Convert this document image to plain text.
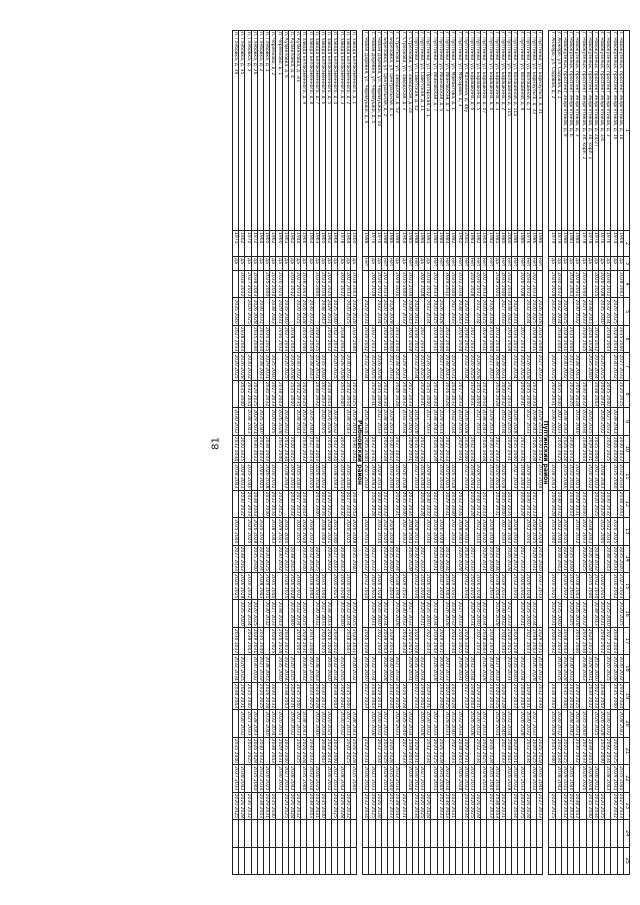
81
1	2	3	4	5	6	7	8	9	10	11	12	13	14	15	16	17	18	19	20	21	22	23	24	25
г. Новокузнецк, проспект Энергетиков, д. 14	1968	да	2038 2043		2035 2040	2027 2033	2020 2025		2030 2032	2032 2034	2038 2043		2035 2040	2027 2033	2020 2025		2030 2032	2032 2034	2038 2043		2035 2040	2027 2033		
г. Новокузнецк, проспект Энергетиков, д. 16	1974	да		2020 2025	2029 2031	2030 2032		2038 2043	2026 2028	2035 2040		2020 2025	2029 2031	2030 2032		2038 2043	2026 2028	2035 2040		2020 2025	2029 2031	2030 2032		
г. Новокузнецк, проспект Энергетиков, д. 3	1976	да	2030 2032	2032 2034	2038 2043		2035 2040	2027 2033	2020 2025		2030 2032	2032 2034	2038 2043		2035 2040	2027 2033	2020 2025		2030 2032	2032 2034	2038 2043			
г. Новокузнецк, проспект Энергетиков, д. 3/4	1976	да	2026 2028	2035 2040		2020 2025	2029 2031	2030 2032		2038 2043	2026 2028	2035 2040		2020 2025	2029 2031	2030 2032		2038 2043	2026 2028	2035 2040		2020 2025		
г. Новокузнецк, проспект Энергетиков, д. 24/27	1976	да	2020 2025		2030 2032	2032 2034	2038 2043		2035 2040	2027 2033	2020 2025		2030 2032	2032 2034	2038 2043		2035 2040	2027 2033	2020 2025		2030 2032	2032 2034		
г. Новокузнецк, проспект Энергетиков, д. 34, корп. 1	1978	да		2038 2043	2026 2028	2035 2040		2020 2025	2029 2031	2030 2032		2038 2043	2026 2028	2035 2040		2020 2025	2029 2031	2030 2032		2038 2043	2026 2028	2035 2040		
г. Новокузнецк, проспект Энергетиков, д. 34, корп. 2	1978	да	2035 2040	2027 2033	2020 2025		2030 2032	2032 2034	2038 2043		2035 2040	2027 2033	2020 2025		2030 2032	2032 2034	2038 2043		2035 2040	2027 2033	2020 2025			
г. Новокузнецк, проспект Энергетиков, д. 3	1984	да	2029 2031	2030 2032		2038 2043	2026 2028	2035 2040		2020 2025	2029 2031	2030 2032		2038 2043	2026 2028	2035 2040		2020 2025	2029 2031	2030 2032		2038 2043		
г. Новокузнецк, проспект Энергетиков, д. 6	1981	да	2038 2043		2035 2040	2027 2033	2020 2025		2030 2032	2032 2034	2038 2043		2035 2040	2027 2033	2020 2025		2030 2032	2032 2034	2038 2043		2035 2040	2027 2033		
г. Новокузнецк, проспект Энергетиков, д. 9	1980	да		2020 2025	2029 2031	2030 2032		2038 2043	2026 2028	2035 2040		2020 2025	2029 2031	2030 2032		2038 2043	2026 2028	2035 2040		2020 2025	2029 2031	2030 2032		
г. Анжеро, ул. Садовая, д. 1	1979	да	2030 2032	2032 2034	2038 2043		2035 2040	2027 2033	2020 2025		2030 2032	2032 2034	2038 2043		2035 2040	2027 2033	2020 2025		2030 2032	2032 2034	2038 2043			
г. Анжеро, ул. Садовая, д. 2	1979	да	2026 2028	2035 2040		2020 2025	2029 2031	2030 2032		2038 2043	2026 2028	2035 2040		2020 2025	2029 2031	2030 2032		2038 2043	2026 2028	2035 2040		2020 2025		
Пуптинский район																								
г. Пуптинки, ул. Барнаульск, д. 31	1986	нет		2026 2028	2035 2040	2027 2033		2029 2031	2030 2032	2032 2034		2026 2028	2035 2040	2027 2033		2029 2031	2030 2032	2032 2034		2026 2028	2035 2040	2027 2033		
г. Пуптинки, ул. Барнаульск, д. 33	1986	нет	2027 2033	2020 2025	2029 2031		2032 2034	2038 2043	2026 2028		2027 2033	2020 2025	2029 2031		2032 2034	2038 2043	2026 2028		2027 2033	2020 2025	2029 2031			
г. Пуптинки, ул. Волошиной, д. 5	1976	нет	2030 2032	2032 2034		2026 2028	2035 2040	2027 2033		2029 2031	2030 2032	2032 2034		2026 2028	2035 2040	2027 2033		2029 2031	2030 2032	2032 2034		2026 2028		
г. Пуптинки, ул. Волошиной, д. 9	1980	нет	2026 2028		2027 2033	2020 2025	2029 2031		2032 2034	2038 2043	2026 2028		2027 2033	2020 2025	2029 2031		2032 2034	2038 2043	2026 2028		2027 2033	2020 2025		
г. Пуптинки, ул. Волошиной, д. 11а	1986	нет		2029 2031	2030 2032	2032 2034		2026 2028	2035 2040	2027 2033		2029 2031	2030 2032	2032 2034		2026 2028	2035 2040	2027 2033		2029 2031	2030 2032	2032 2034		
г. Пуптинки, ул. Волошиной, д. 115	2000	нет	2032 2034	2038 2043	2026 2028		2027 2033	2020 2025	2029 2031		2032 2034	2038 2043	2026 2028		2027 2033	2020 2025	2029 2031		2032 2034	2038 2043	2026 2028			
г. Пуптинки, ул. Барашкина, д. 2	1980	нет	2035 2040	2027 2033		2029 2031	2030 2032	2032 2034		2026 2028	2035 2040	2027 2033		2029 2031	2030 2032	2032 2034		2026 2028	2035 2040	2027 2033		2029 2031		
г. Пуптинки, ул. Барашкина, д. 3	1981	да	2029 2031		2032 2034	2038 2043	2026 2028		2027 2033	2020 2025	2029 2031		2032 2034	2038 2043	2026 2028		2027 2033	2020 2025	2029 2031		2032 2034	2038 2043		
г. Пуптинки, ул. Барашкина, д. 4	1982	нет		2026 2028	2035 2040	2027 2033		2029 2031	2030 2032	2032 2034		2026 2028	2035 2040	2027 2033		2029 2031	2030 2032	2032 2034		2026 2028	2035 2040	2027 2033		
г. Пуптинки, ул. Барашкина, д. 47	1964	нет	2027 2033	2020 2025	2029 2031		2032 2034	2038 2043	2026 2028		2027 2033	2020 2025	2029 2031		2032 2034	2038 2043	2026 2028		2027 2033	2020 2025	2029 2031			
г. Пуптинки, ул. Барашкина, д. 5	1982	нет	2030 2032	2032 2034		2026 2028	2035 2040	2027 2033		2029 2031	2030 2032	2032 2034		2026 2028	2035 2040	2027 2033		2029 2031	2030 2032	2032 2034		2026 2028		
г. Пуптинки, ул. Барашкина, д. 6	1983	нет	2026 2028		2027 2033	2020 2025	2029 2031		2032 2034	2038 2043	2026 2028		2027 2033	2020 2025	2029 2031		2032 2034	2038 2043	2026 2028		2027 2033	2020 2025		
г. Пуптинки, ул. Калинина, д. 46у	2001	нет		2029 2031	2030 2032	2032 2034		2026 2028	2035 2040	2027 2033		2029 2031	2030 2032	2032 2034		2026 2028	2035 2040	2027 2033		2029 2031	2030 2032	2032 2034		
г. Пуптинки, ул. Макарова, д. 3	1962	нет	2032 2034	2038 2043	2026 2028		2027 2033	2020 2025	2029 2031		2032 2034	2038 2043	2026 2028		2027 2033	2020 2025	2029 2031		2032 2034	2038 2043	2026 2028			
г. Пуптинки, ул. Мамонтова, д. 1	1982	нет	2035 2040	2027 2033		2029 2031	2030 2032	2032 2034		2026 2028	2035 2040	2027 2033		2029 2031	2030 2032	2032 2034		2026 2028	2035 2040	2027 2033		2029 2031		
г. Пуптинки, ул. Ивановская, д. 3	1983	нет	2029 2031		2032 2034	2038 2043	2026 2028		2027 2033	2020 2025	2029 2031		2032 2034	2038 2043	2026 2028		2027 2033	2020 2025	2029 2031		2032 2034	2038 2043		
г. Пуптинки, ул. Ивановская, д. 5	1984	нет		2026 2028	2035 2040	2027 2033		2029 2031	2030 2032	2032 2034		2026 2028	2035 2040	2027 2033		2029 2031	2030 2032	2032 2034		2026 2028	2035 2040	2027 2033		
г. Пуптинки, ул. Ивановская, д. 7	1985	нет	2027 2033	2020 2025	2029 2031		2032 2034	2038 2043	2026 2028		2027 2033	2020 2025	2029 2031		2032 2034	2038 2043	2026 2028		2027 2033	2020 2025	2029 2031			
г. Пуптинки, ул. Пролетарская, д. 1	1981	да	2030 2032	2032 2034		2026 2028	2035 2040	2027 2033		2029 2031	2030 2032	2032 2034		2026 2028	2035 2040	2027 2033		2029 2031	2030 2032	2032 2034		2026 2028		
г. Пуптинки, ул. Советская, д. 11	1984	да	2026 2028		2027 2033	2020 2025	2029 2031		2032 2034	2038 2043	2026 2028		2027 2033	2020 2025	2029 2031		2032 2034	2038 2043	2026 2028		2027 2033	2020 2025		
г. Пуптинки, ул. Советская, д. 42	1988	нет		2029 2031	2030 2032	2032 2034		2026 2028	2035 2040	2027 2033		2029 2031	2030 2032	2032 2034		2026 2028	2035 2040	2027 2033		2029 2031	2030 2032	2032 2034		
г. Стрелкова, ул. Заводская, д. 24	1985	нет	2032 2034	2038 2043	2026 2028		2027 2033	2020 2025	2029 2031		2032 2034	2038 2043	2026 2028		2027 2033	2020 2025	2029 2031		2032 2034	2038 2043	2026 2028			
г. Стрелкова, ул. Заводская, д. 3	1964	да	2035 2040	2027 2033		2029 2031	2030 2032	2032 2034		2026 2028	2035 2040	2027 2033		2029 2031	2030 2032	2032 2034		2026 2028	2035 2040	2027 2033		2029 2031		
г. Стрелкова, ул. Заводская, д. 52	1989	да	2029 2031		2032 2034	2038 2043	2026 2028		2027 2033	2020 2025	2029 2031		2032 2034	2038 2043	2026 2028		2027 2033	2020 2025	2029 2031		2032 2034	2038 2043		
г. Березовка, ул. Центральная, д. 1	1986	нет		2026 2028	2035 2040	2027 2033		2029 2031	2030 2032	2032 2034		2026 2028	2035 2040	2027 2033		2029 2031	2030 2032	2032 2034		2026 2028	2035 2040	2027 2033		
г. Березовка, ул. Центральная, д. 2	1988	нет	2027 2033	2020 2025	2029 2031		2032 2034	2038 2043	2026 2028		2027 2033	2020 2025	2029 2031		2032 2034	2038 2043	2026 2028		2027 2033	2020 2025	2029 2031			
г. Новая Деревня, ул. Черемушки, д. 10	1976	да	2030 2032	2032 2034		2026 2028	2035 2040	2027 2033		2029 2031	2030 2032	2032 2034		2026 2028	2035 2040	2027 2033		2029 2031	2030 2032	2032 2034		2026 2028		
г. Новая Деревня, ул. Черемушки, д. 5	1976	да	2026 2028		2027 2033	2020 2025	2029 2031		2032 2034	2038 2043	2026 2028		2027 2033	2020 2025	2029 2031		2032 2034	2038 2043	2026 2028		2027 2033	2020 2025		
г. Новая Деревня, ул. Черемушки, д. 6	1988	нет		2029 2031	2030 2032	2032 2034		2026 2028	2035 2040	2027 2033		2029 2031	2030 2032	2032 2034		2026 2028	2035 2040	2027 2033		2029 2031	2030 2032	2032 2034		
Рыбновский район																								
п. завода Белокаменного, д. 1	1960	да	2038 2043	2026 2028	2035 2040		2020 2025	2029 2031	2030 2032		2038 2043	2026 2028	2035 2040		2020 2025	2029 2031	2030 2032		2038 2043	2026 2028	2035 2040			
п. завода Белокаменного, д. 2	1964	да	2027 2033	2020 2025		2030 2032	2032 2034	2038 2043		2035 2040	2027 2033	2020 2025		2030 2032	2032 2034	2038 2043		2035 2040	2027 2033	2020 2025		2030 2032		
п. завода Белокаменного, д. 3	1978	да	2030 2032		2038 2043	2026 2028	2035 2040		2020 2025	2029 2031	2030 2032		2038 2043	2026 2028	2035 2040		2020 2025	2029 2031	2030 2032		2038 2043	2026 2028		
п. завода Белокаменного, д. 4	1966	да		2035 2040	2027 2033	2020 2025		2030 2032	2032 2034	2038 2043		2035 2040	2027 2033	2020 2025		2030 2032	2032 2034	2038 2043		2035 2040	2027 2033	2020 2025		
п. завода Белокаменного, д. 5	1962	да	2020 2025	2029 2031	2030 2032		2038 2043	2026 2028	2035 2040		2020 2025	2029 2031	2030 2032		2038 2043	2026 2028	2035 2040		2020 2025	2029 2031	2030 2032			
п. завода Белокаменного, д. 6	1965	да	2032 2034	2038 2043		2035 2040	2027 2033	2020 2025		2030 2032	2032 2034	2038 2043		2035 2040	2027 2033	2020 2025		2030 2032	2032 2034	2038 2043		2035 2040		
п. завода Белокаменного, д. 7	1963	да	2035 2040		2020 2025	2029 2031	2030 2032		2038 2043	2026 2028	2035 2040		2020 2025	2029 2031	2030 2032		2038 2043	2026 2028	2035 2040		2020 2025	2029 2031		
п. завода Белокаменного, д. 8	1964	да		2030 2032	2032 2034	2038 2043		2035 2040	2027 2033	2020 2025		2030 2032	2032 2034	2038 2043		2035 2040	2027 2033	2020 2025		2030 2032	2032 2034	2038 2043		
п. завода Белокаменного, д. 9	1966	да	2038 2043	2026 2028	2035 2040		2020 2025	2029 2031	2030 2032		2038 2043	2026 2028	2035 2040		2020 2025	2029 2031	2030 2032		2038 2043	2026 2028	2035 2040			
п. Кузмиловка, д. 3/1	1944	да	2027 2033	2020 2025		2030 2032	2032 2034	2038 2043		2035 2040	2027 2033	2020 2025		2030 2032	2032 2034	2038 2043		2035 2040	2027 2033	2020 2025		2030 2032		
п. Кузмиловка, д. 4	1962	да	2030 2032		2038 2043	2026 2028	2035 2040		2020 2025	2029 2031	2030 2032		2038 2043	2026 2028	2035 2040		2020 2025	2029 2031	2030 2032		2038 2043	2026 2028		
п. Кузмиловка, д. 6	1961	да		2035 2040	2027 2033	2020 2025		2030 2032	2032 2034	2038 2043		2035 2040	2027 2033	2020 2025		2030 2032	2032 2034	2038 2043		2035 2040	2027 2033	2020 2025		
п. Черемхово, д. 1	1960	да	2020 2025	2029 2031	2030 2032		2038 2043	2026 2028	2035 2040		2020 2025	2029 2031	2030 2032		2038 2043	2026 2028	2035 2040		2020 2025	2029 2031	2030 2032			
п. Черемхово, д. 2	1962	да	2032 2034	2038 2043		2035 2040	2027 2033	2020 2025		2030 2032	2032 2034	2038 2043		2035 2040	2027 2033	2020 2025		2030 2032	2032 2034	2038 2043		2035 2040		
п. Глебовка, д. 1	1965	да	2035 2040		2020 2025	2029 2031	2030 2032		2038 2043	2026 2028	2035 2040		2020 2025	2029 2031	2030 2032		2038 2043	2026 2028	2035 2040		2020 2025	2029 2031		
п. Глебовка, д. 2	1964	да		2030 2032	2032 2034	2038 2043		2035 2040	2027 2033	2020 2025		2030 2032	2032 2034	2038 2043		2035 2040	2027 2033	2020 2025		2030 2032	2032 2034	2038 2043		
п. Глебовка, д. 26	1972	да	2038 2043	2026 2028	2035 2040		2020 2025	2029 2031	2030 2032		2038 2043	2026 2028	2035 2040		2020 2025	2029 2031	2030 2032		2038 2043	2026 2028	2035 2040			
п. Глебовка, д. 3	1970	да	2027 2033	2020 2025		2030 2032	2032 2034	2038 2043		2035 2040	2027 2033	2020 2025		2030 2032	2032 2034	2038 2043		2035 2040	2027 2033	2020 2025		2030 2032		
п. Глебовка, д. 35	1962	да	2030 2032		2038 2043	2026 2028	2035 2040		2020 2025	2029 2031	2030 2032		2038 2043	2026 2028	2035 2040		2020 2025	2029 2031	2030 2032		2038 2043	2026 2028		
п. Глебовка, д. 39	1971	да		2035 2040	2027 2033	2020 2025		2030 2032	2032 2034	2038 2043		2035 2040	2027 2033	2020 2025		2030 2032	2032 2034	2038 2043		2035 2040	2027 2033	2020 2025		
